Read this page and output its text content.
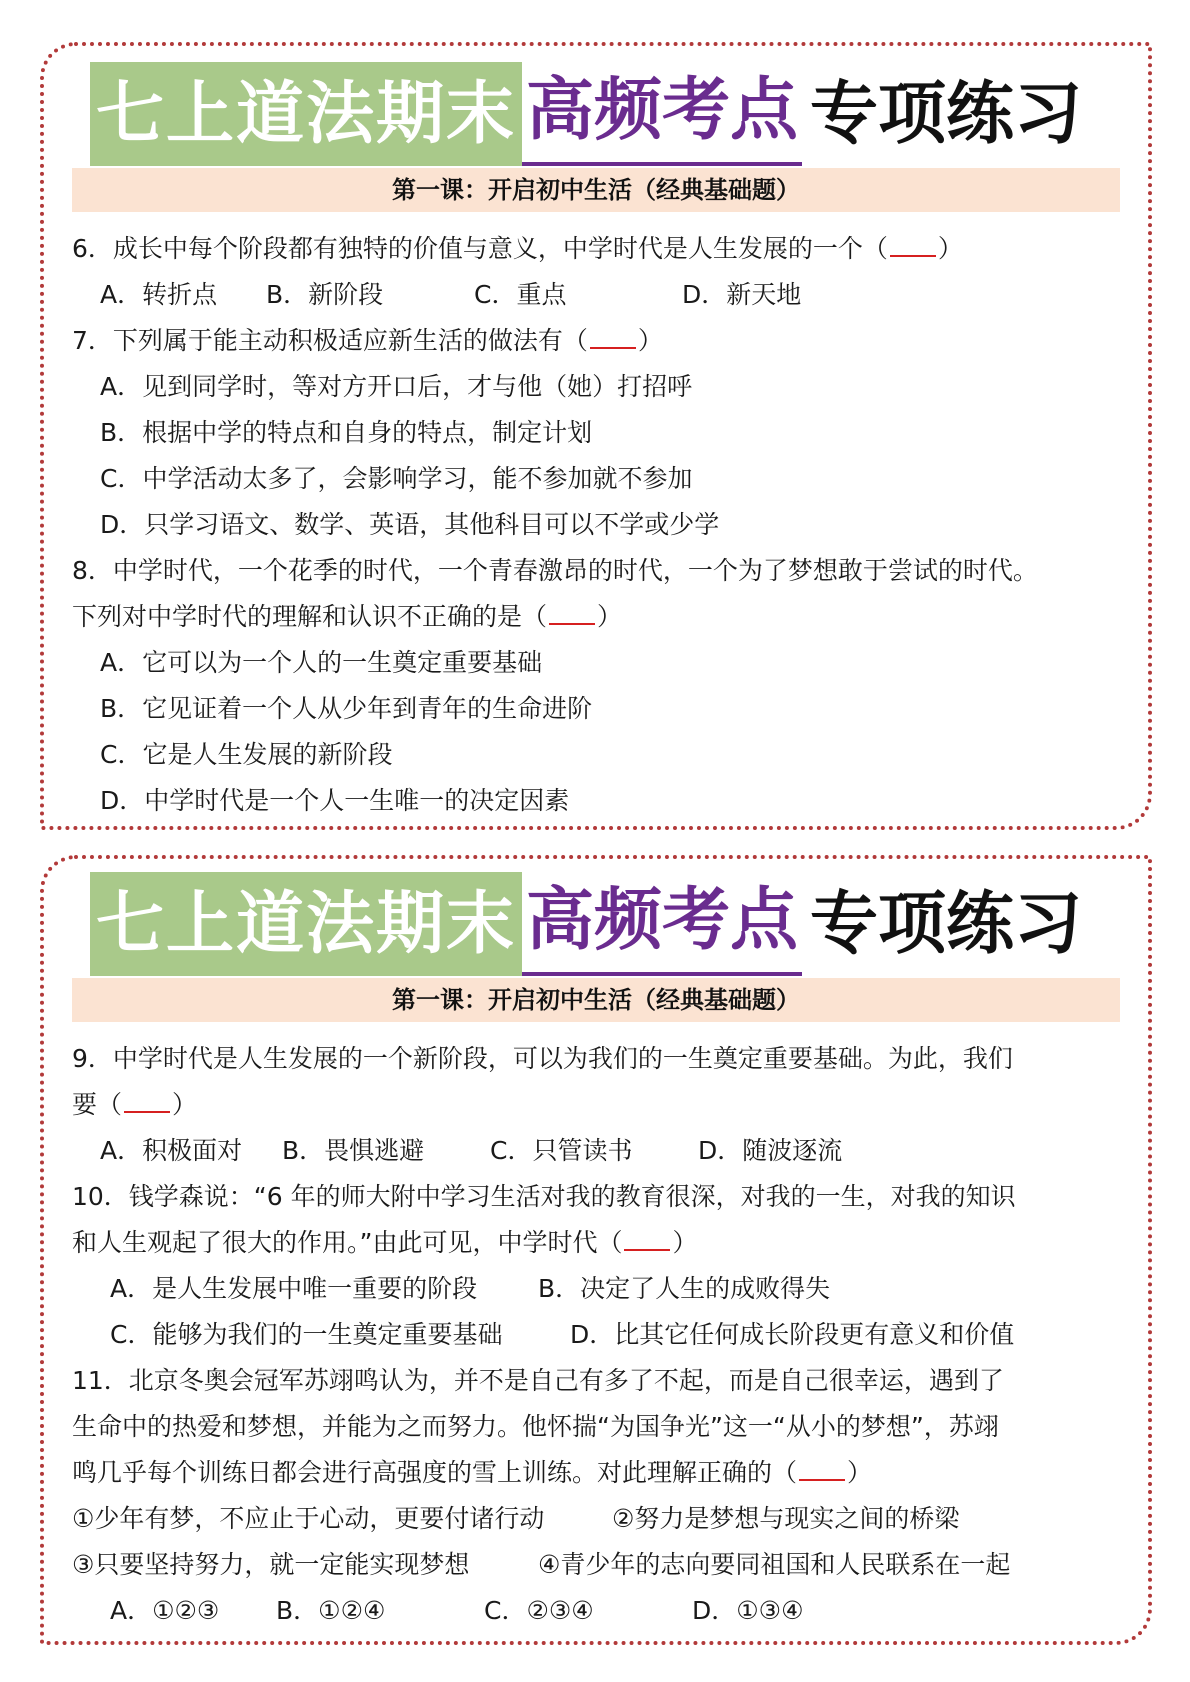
七上道法期末 高频考点 专项练习
第一课：开启初中生活（经典基础题）
6．成长中每个阶段都有独特的价值与意义，中学时代是人生发展的一个（ ）
A．转折点	B．新阶段	C．重点	D．新天地
7．下列属于能主动积极适应新生活的做法有（ ）
A．见到同学时，等对方开口后，才与他（她）打招呼
B．根据中学的特点和自身的特点，制定计划
C．中学活动太多了，会影响学习，能不参加就不参加
D．只学习语文、数学、英语，其他科目可以不学或少学
8．中学时代，一个花季的时代，一个青春激昂的时代，一个为了梦想敢于尝试的时代。
下列对中学时代的理解和认识不正确的是（ ）
A．它可以为一个人的一生奠定重要基础
B．它见证着一个人从少年到青年的生命进阶
C．它是人生发展的新阶段
D．中学时代是一个人一生唯一的决定因素
七上道法期末 高频考点 专项练习
第一课：开启初中生活（经典基础题）
9．中学时代是人生发展的一个新阶段，可以为我们的一生奠定重要基础。为此，我们
要（ ）
A．积极面对	B．畏惧逃避	C．只管读书	D．随波逐流
10．钱学森说：“6 年的师大附中学习生活对我的教育很深，对我的一生，对我的知识
和人生观起了很大的作用。”由此可见，中学时代（ ）
A．是人生发展中唯一重要的阶段	B．决定了人生的成败得失
C．能够为我们的一生奠定重要基础	D．比其它任何成长阶段更有意义和价值
11．北京冬奥会冠军苏翊鸣认为，并不是自己有多了不起，而是自己很幸运，遇到了
生命中的热爱和梦想，并能为之而努力。他怀揣“为国争光”这一“从小的梦想”，苏翊
鸣几乎每个训练日都会进行高强度的雪上训练。对此理解正确的（ ）
①少年有梦，不应止于心动，更要付诸行动	②努力是梦想与现实之间的桥梁
③只要坚持努力，就一定能实现梦想	④青少年的志向要同祖国和人民联系在一起
A．①②③	B．①②④	C．②③④	D．①③④
